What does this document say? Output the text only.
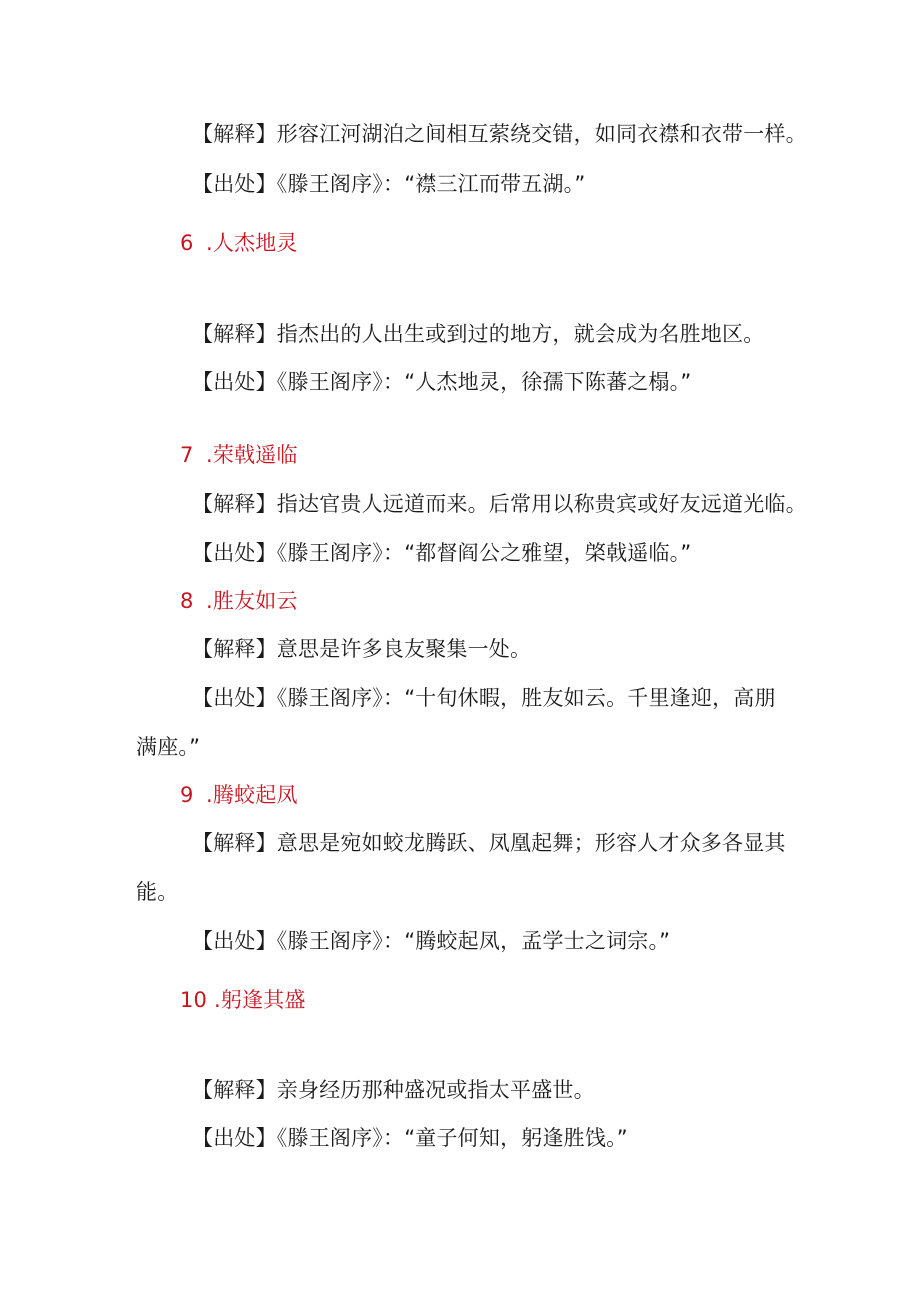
【解释】形容江河湖泊之间相互萦绕交错，如同衣襟和衣带一样。
【出处】《滕王阁序》：“襟三江而带五湖。”
6 .人杰地灵
【解释】指杰出的人出生或到过的地方，就会成为名胜地区。
【出处】《滕王阁序》：“人杰地灵，徐孺下陈蕃之榻。”
7 .荣戟遥临
【解释】指达官贵人远道而来。后常用以称贵宾或好友远道光临。
【出处】《滕王阁序》：“都督阎公之雅望，棨戟遥临。”
8 .胜友如云
【解释】意思是许多良友聚集一处。
【出处】《滕王阁序》：“十旬休暇，胜友如云。千里逢迎，高朋
满座。”
9 .腾蛟起凤
【解释】意思是宛如蛟龙腾跃、凤凰起舞；形容人才众多各显其
能。
【出处】《滕王阁序》：“腾蛟起凤，孟学士之词宗。”
10 .躬逢其盛
【解释】亲身经历那种盛况或指太平盛世。
【出处】《滕王阁序》：“童子何知，躬逢胜饯。”
